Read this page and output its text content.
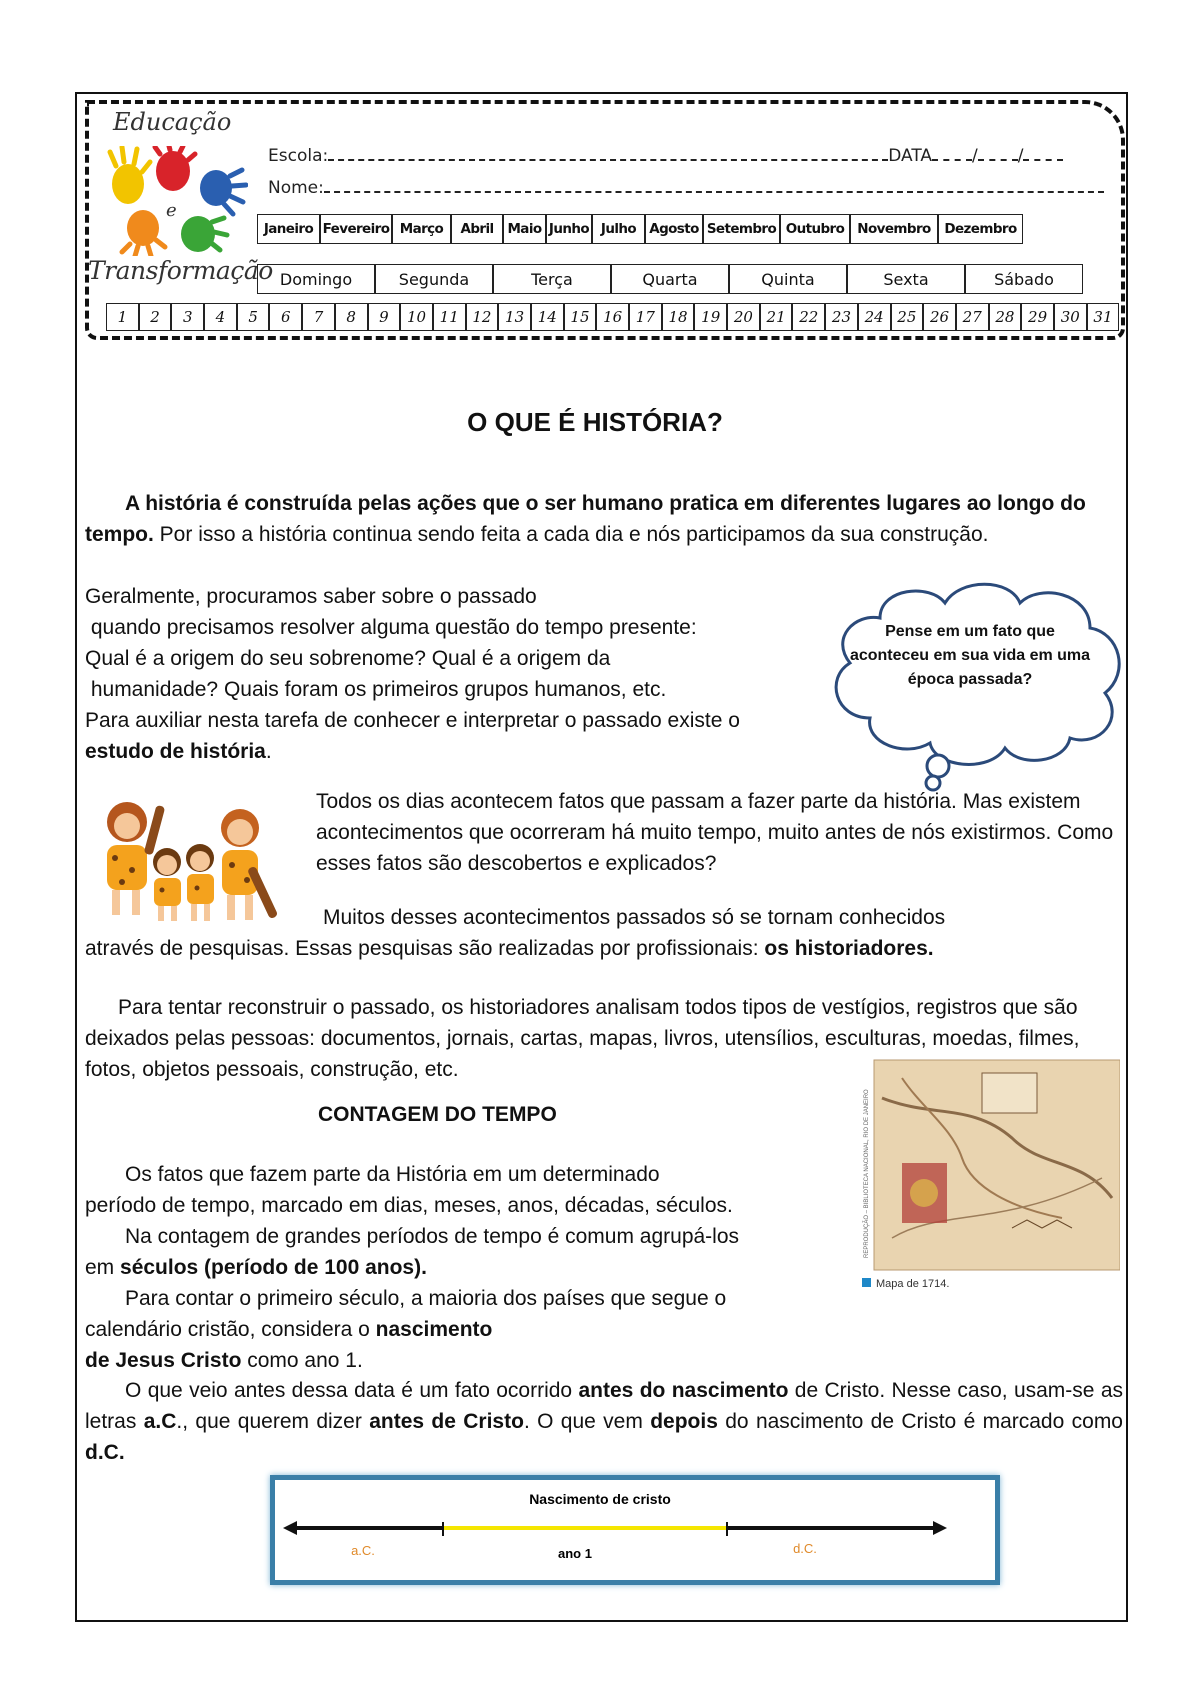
Educação
e
Transformação
Escola:	DATA / /
Nome:
Janeiro Fevereiro Março	Abril	Maio Junho Julho Agosto Setembro Outubro Novembro	Dezembro
Domingo	Segunda	Terça	Quarta	Quinta	Sexta	Sábado
1	2	3	4	5	6	7	8	9	10 11 12 13 14 15 16 17 18 19 20 21 22 23 24 25 26 27 28 29 30 31
O QUE É HISTÓRIA?

A história é construída pelas ações que o ser humano pratica em diferentes lugares ao longo do tempo. Por isso a história continua sendo feita a cada dia e nós participamos da sua construção.

Geralmente, procuramos saber sobre o passado
quando precisamos resolver alguma questão do tempo presente:
Qual é a origem do seu sobrenome? Qual é a origem da
humanidade? Quais foram os primeiros grupos humanos, etc.
Para auxiliar nesta tarefa de conhecer e interpretar o passado existe o
estudo de história.
Pense em um fato que aconteceu em sua vida em uma época passada?

Todos os dias acontecem fatos que passam a fazer parte da história. Mas existem acontecimentos que ocorreram há muito tempo, muito antes de nós existirmos. Como esses fatos são descobertos e explicados?

Muitos desses acontecimentos passados só se tornam conhecidos
através de pesquisas. Essas pesquisas são realizadas por profissionais: os historiadores.

Para tentar reconstruir o passado, os historiadores analisam todos tipos de vestígios, registros que são deixados pelas pessoas: documentos, jornais, cartas, mapas, livros, utensílios, esculturas, moedas, filmes, fotos, objetos pessoais, construção, etc.

REPRODUÇÃO – BIBLIOTECA NACIONAL, RIO DE JANEIRO
Mapa de 1714.
CONTAGEM DO TEMPO
Os fatos que fazem parte da História em um determinado
período de tempo, marcado em dias, meses, anos, décadas, séculos.
Na contagem de grandes períodos de tempo é comum agrupá-los
em séculos (período de 100 anos).
Para contar o primeiro século, a maioria dos países que segue o
calendário cristão, considera o nascimento
de Jesus Cristo como ano 1.

O que veio antes dessa data é um fato ocorrido antes do nascimento de Cristo. Nesse caso, usam-se as letras a.C., que querem dizer antes de Cristo. O que vem depois do nascimento de Cristo é marcado como d.C.

Nascimento de cristo
a.C.	ano 1	d.C.
